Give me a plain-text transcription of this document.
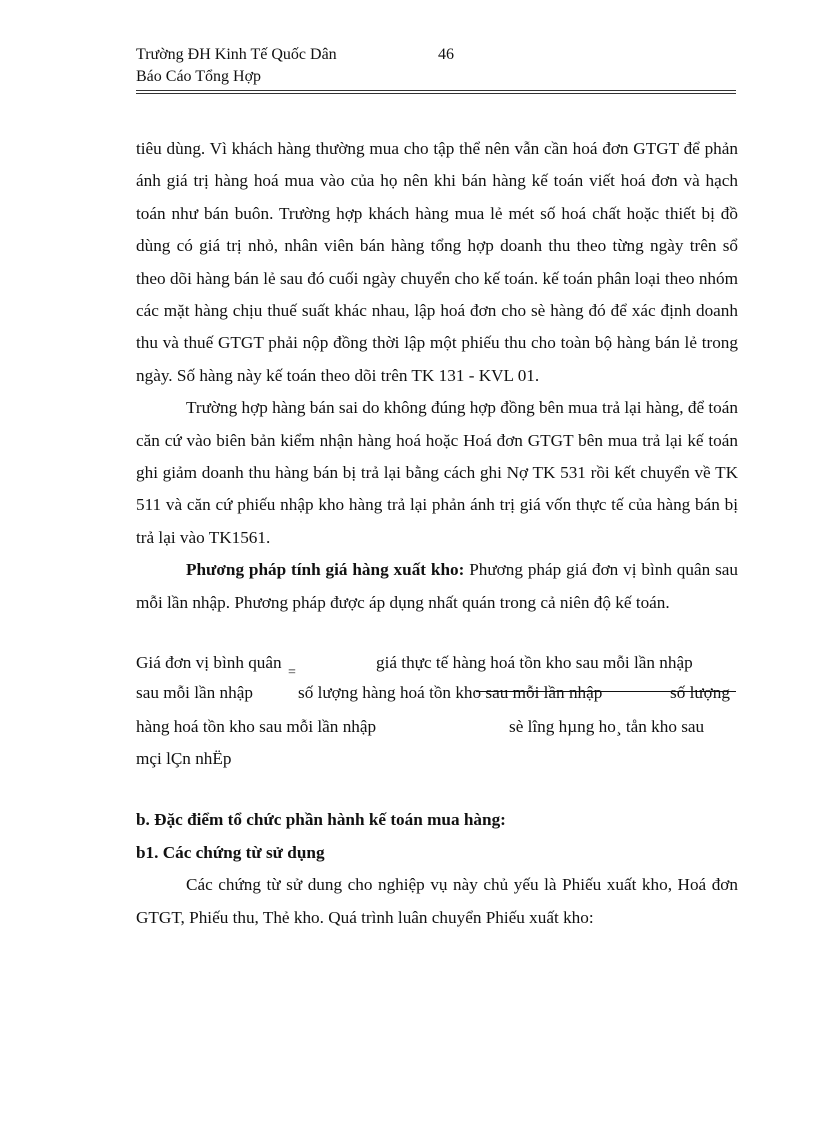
Trường ĐH Kinh Tế Quốc Dân	46
Báo Cáo Tổng Hợp

tiêu dùng. Vì khách hàng thường mua cho tập thể nên vẫn cần hoá đơn GTGT để phản ánh giá trị hàng hoá mua vào của họ nên khi bán hàng kế toán viết hoá đơn và hạch toán như bán buôn. Trường hợp khách hàng mua lẻ mét số hoá chất hoặc thiết bị đồ dùng có giá trị nhỏ, nhân viên bán hàng tổng hợp doanh thu theo từng ngày trên sổ theo dõi hàng bán lẻ sau đó cuối ngày chuyển cho kế toán. kế toán phân loại theo nhóm các mặt hàng chịu thuế suất khác nhau, lập hoá đơn cho sè hàng đó để xác định doanh thu và thuế GTGT phải nộp đồng thời lập một phiếu thu cho toàn bộ hàng bán lẻ trong ngày. Số hàng này kế toán theo dõi trên TK 131 - KVL 01.

Trường hợp hàng bán sai do không đúng hợp đồng bên mua trả lại hàng, để toán căn cứ vào biên bản kiểm nhận hàng hoá hoặc Hoá đơn GTGT bên mua trả lại kế toán ghi giảm doanh thu hàng bán bị trả lại bằng cách ghi Nợ TK 531 rồi kết chuyển về TK 511 và căn cứ phiếu nhập kho hàng trả lại phản ánh trị giá vốn thực tế của hàng bán bị trả lại vào TK1561.

Phương pháp tính giá hàng xuất kho: Phương pháp giá đơn vị bình quân sau mỗi lần nhập. Phương pháp được áp dụng nhất quán trong cả niên độ kế toán.

Giá đơn vị bình quân
=
giá thực tế hàng hoá tồn kho sau mỗi lần nhập
sau mỗi lần nhập	số lượng hàng hoá tồn kho sau mỗi lần nhập	số lượng
hàng hoá tồn kho sau mỗi lần nhập	sè lîng hµng ho¸ tån kho sau
mçi lÇn nhËp

b. Đặc điểm tổ chức phần hành kế toán mua hàng:

b1. Các chứng từ sử dụng

Các chứng từ sử dung cho nghiệp vụ này chủ yếu là Phiếu xuất kho, Hoá đơn GTGT, Phiếu thu, Thẻ kho. Quá trình luân chuyển Phiếu xuất kho:
